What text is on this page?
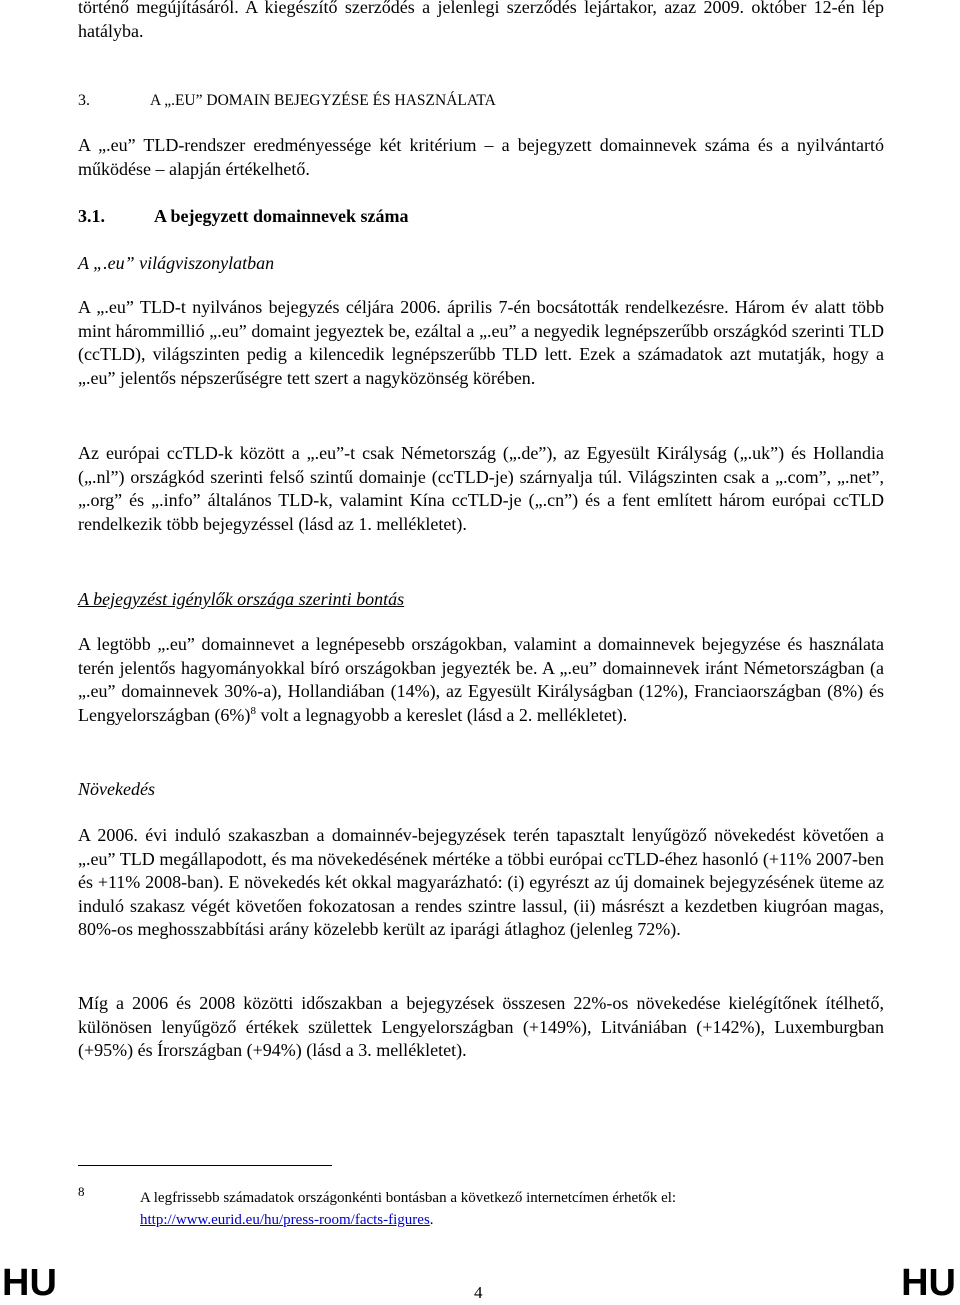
történő megújításáról. A kiegészítő szerződés a jelenlegi szerződés lejártakor, azaz 2009. október 12-én lép hatályba.

3.	A „.EU” DOMAIN BEJEGYZÉSE ÉS HASZNÁLATA

A „.eu” TLD-rendszer eredményessége két kritérium – a bejegyzett domainnevek száma és a nyilvántartó működése – alapján értékelhető.

3.1.	A bejegyzett domainnevek száma
A „.eu” világviszonylatban

A „.eu” TLD-t nyilvános bejegyzés céljára 2006. április 7-én bocsátották rendelkezésre. Három év alatt több mint hárommillió „.eu” domaint jegyeztek be, ezáltal a „.eu” a negyedik legnépszerűbb országkód szerinti TLD (ccTLD), világszinten pedig a kilencedik legnépszerűbb TLD lett. Ezek a számadatok azt mutatják, hogy a „.eu” jelentős népszerűségre tett szert a nagyközönség körében.

Az európai ccTLD-k között a „.eu”-t csak Németország („.de”), az Egyesült Királyság („.uk”) és Hollandia („.nl”) országkód szerinti felső szintű domainje (ccTLD-je) szárnyalja túl. Világszinten csak a „.com”, „.net”, „.org” és „.info” általános TLD-k, valamint Kína ccTLD-je („.cn”) és a fent említett három európai ccTLD rendelkezik több bejegyzéssel (lásd az 1. mellékletet).

A bejegyzést igénylők országa szerinti bontás

A legtöbb „.eu” domainnevet a legnépesebb országokban, valamint a domainnevek bejegyzése és használata terén jelentős hagyományokkal bíró országokban jegyezték be. A „.eu” domainnevek iránt Németországban (a „.eu” domainnevek 30%-a), Hollandiában (14%), az Egyesült Királyságban (12%), Franciaországban (8%) és Lengyelországban $(6\%)^8$ volt a legnagyobb a kereslet (lásd a 2. mellékletet).

Növekedés

A 2006. évi induló szakaszban a domainnév-bejegyzések terén tapasztalt lenyűgöző növekedést követően a „.eu” TLD megállapodott, és ma növekedésének mértéke a többi európai ccTLD-éhez hasonló (+11% 2007-ben és +11% 2008-ban). E növekedés két okkal magyarázható: (i) egyrészt az új domainek bejegyzésének üteme az induló szakasz végét követően fokozatosan a rendes szintre lassul, (ii) másrészt a kezdetben kiugróan magas, 80%-os meghosszabbítási arány közelebb került az iparági átlaghoz (jelenleg 72%).

Míg a 2006 és 2008 közötti időszakban a bejegyzések összesen 22%-os növekedése kielégítőnek ítélhető, különösen lenyűgöző értékek születtek Lengyelországban (+149%), Litvániában (+142%), Luxemburgban (+95%) és Írországban (+94%) (lásd a 3. mellékletet).

8	A legfrissebb számadatok országonkénti bontásban a következő internetcímen érhetők el:
http://www.eurid.eu/hu/press-room/facts-figures.
HU	4	HU
